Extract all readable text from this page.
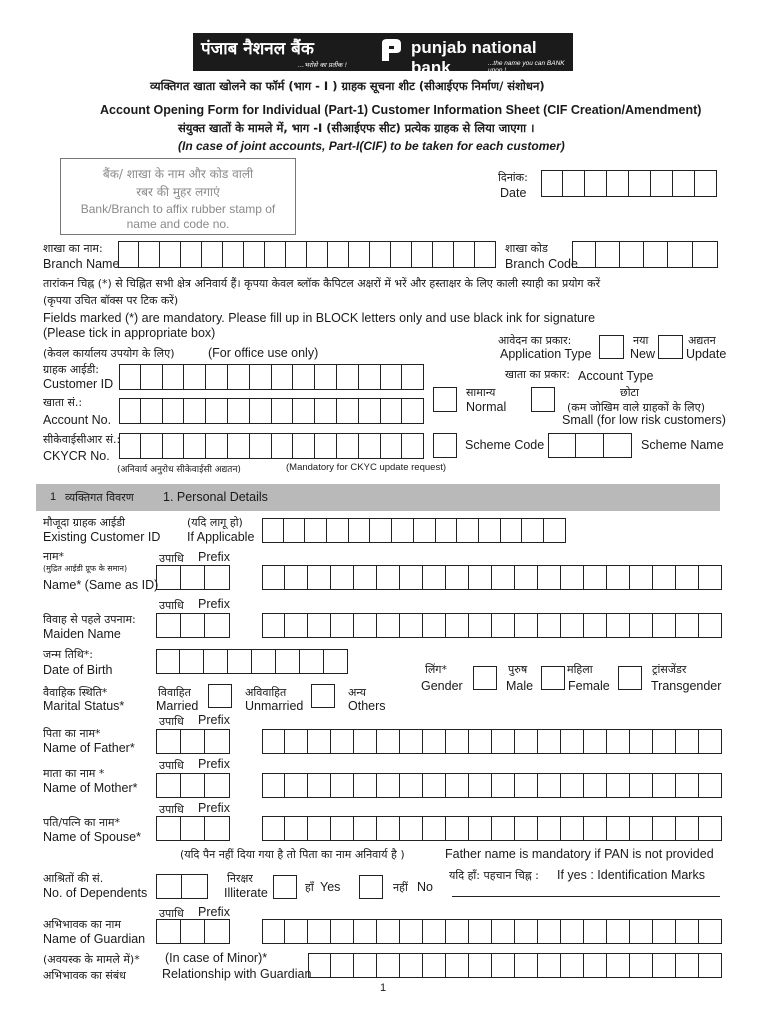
पंजाब नैशनल बैंक
...भरोसे का प्रतीक !
punjab national bank	...the name you can BANK upon !
व्यक्तिगत खाता खोलने का फॉर्म (भाग - I ) ग्राहक सूचना शीट (सीआईएफ निर्माण/ संशोधन)
Account Opening Form for Individual (Part-1) Customer Information Sheet (CIF Creation/Amendment)
संयुक्त खातों के मामले में, भाग -I (सीआईएफ सीट) प्रत्येक ग्राहक से लिया जाएगा ।
(In case of joint accounts, Part-I(CIF) to be taken for each customer)
बैंक/ शाखा के नाम और कोड वाली
रबर की मुहर लगाएं
Bank/Branch to affix rubber stamp of
name and code no.
दिनांक:
Date
शाखा का नाम:
Branch Name
शाखा कोड
Branch Code
तारांकन चिह्न (*) से चिह्नित सभी क्षेत्र अनिवार्य हैं। कृपया केवल ब्लॉक कैपिटल अक्षरों में भरें और हस्ताक्षर के लिए काली स्याही का प्रयोग करें
(कृपया उचित बॉक्स पर टिक करें)
Fields marked (*) are mandatory. Please fill up in BLOCK letters only and use black ink for signature
(Please tick in appropriate box)
(केवल कार्यालय उपयोग के लिए)	(For office use only)
आवेदन का प्रकार:
Application Type
नया
New
अद्यतन
Update
ग्राहक आईडी:
Customer ID
खाता का प्रकार: Account Type
खाता सं.:
Account No.
सामान्य
Normal
छोटा
(कम जोखिम वाले ग्राहकों के लिए)
Small (for low risk customers)
सीकेवाईसीआर सं.:
CKYCR No.
(अनिवार्य अनुरोध सीकेवाईसी अद्यतन)	(Mandatory for CKYC update request)
Scheme Code	Scheme Name
1 व्यक्तिगत विवरण 1. Personal Details
मौजूदा ग्राहक आईडी
Existing Customer ID
(यदि लागू हो)
If Applicable
उपाधि Prefix
नाम*
(मुद्रित आईडी प्रूफ के समान)
Name* (Same as ID)
उपाधि Prefix
विवाह से पहले उपनाम:
Maiden Name
जन्म तिथि*:
Date of Birth	लिंग*
Gender
पुरुष
Male
महिला
Female
ट्रांसजेंडर
Transgender
वैवाहिक स्थिति*
Marital Status*
विवाहित
Married
अविवाहित
Unmarried
अन्य
Others
उपाधि Prefix
पिता का नाम*
Name of Father*
उपाधि Prefix
माता का नाम *
Name of Mother*
उपाधि Prefix
पति/पत्नि का नाम*
Name of Spouse*
(यदि पैन नहीं दिया गया है तो पिता का नाम अनिवार्य है )	Father name is mandatory if PAN is not provided
आश्रितों की सं.
No. of Dependents
निरक्षर
Illiterate	हाँ Yes	नहीं No
यदि हाँ: पहचान चिह्न : If yes : Identification Marks
उपाधि Prefix
अभिभावक का नाम
Name of Guardian
(अवयस्क के मामले में)* (In case of Minor)*
अभिभावक का संबंध	Relationship with Guardian
1
